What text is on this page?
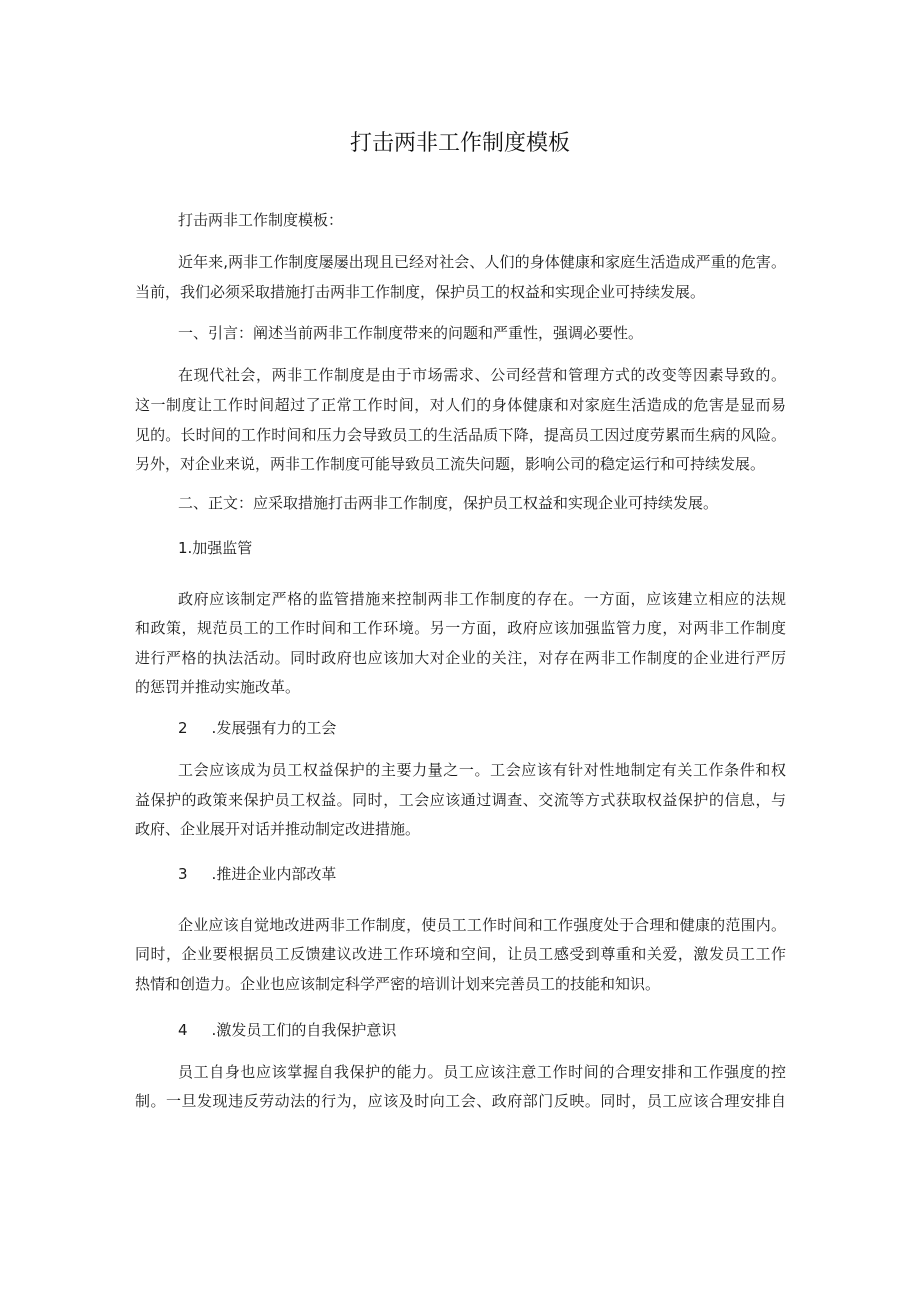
打击两非工作制度模板
打击两非工作制度模板：
近年来,两非工作制度屡屡出现且已经对社会、人们的身体健康和家庭生活造成严重的危害。
当前，我们必须采取措施打击两非工作制度，保护员工的权益和实现企业可持续发展。
一、引言：阐述当前两非工作制度带来的问题和严重性，强调必要性。
在现代社会，两非工作制度是由于市场需求、公司经营和管理方式的改变等因素导致的。
这一制度让工作时间超过了正常工作时间，对人们的身体健康和对家庭生活造成的危害是显而易
见的。长时间的工作时间和压力会导致员工的生活品质下降，提高员工因过度劳累而生病的风险。
另外，对企业来说，两非工作制度可能导致员工流失问题，影响公司的稳定运行和可持续发展。
二、正文：应采取措施打击两非工作制度，保护员工权益和实现企业可持续发展。
1.加强监管
政府应该制定严格的监管措施来控制两非工作制度的存在。一方面，应该建立相应的法规
和政策，规范员工的工作时间和工作环境。另一方面，政府应该加强监管力度，对两非工作制度
进行严格的执法活动。同时政府也应该加大对企业的关注，对存在两非工作制度的企业进行严厉
的惩罚并推动实施改革。
2 .发展强有力的工会
工会应该成为员工权益保护的主要力量之一。工会应该有针对性地制定有关工作条件和权
益保护的政策来保护员工权益。同时，工会应该通过调查、交流等方式获取权益保护的信息，与
政府、企业展开对话并推动制定改进措施。
3 .推进企业内部改革
企业应该自觉地改进两非工作制度，使员工工作时间和工作强度处于合理和健康的范围内。
同时，企业要根据员工反馈建议改进工作环境和空间，让员工感受到尊重和关爱，激发员工工作
热情和创造力。企业也应该制定科学严密的培训计划来完善员工的技能和知识。
4 .激发员工们的自我保护意识
员工自身也应该掌握自我保护的能力。员工应该注意工作时间的合理安排和工作强度的控
制。一旦发现违反劳动法的行为，应该及时向工会、政府部门反映。同时，员工应该合理安排自
